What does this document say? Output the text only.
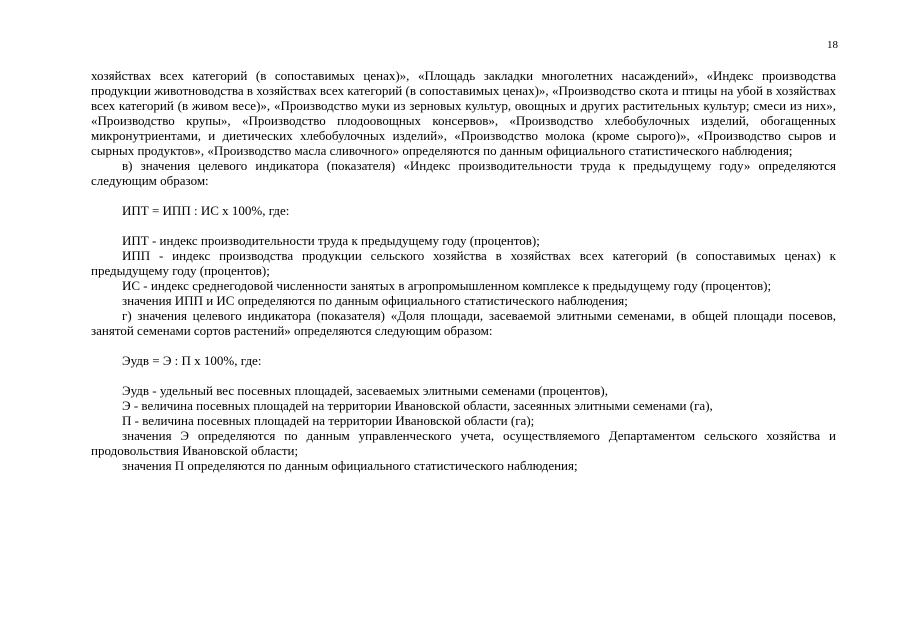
18

хозяйствах всех категорий (в сопоставимых ценах)», «Площадь закладки многолетних насаждений», «Индекс производства продукции животноводства в хозяйствах всех категорий (в сопоставимых ценах)», «Производство скота и птицы на убой в хозяйствах всех категорий (в живом весе)», «Производство муки из зерновых культур, овощных и других растительных культур; смеси из них», «Производство крупы», «Производство плодоовощных консервов», «Производство хлебобулочных изделий, обогащенных микронутриентами, и диетических хлебобулочных изделий», «Производство молока (кроме сырого)», «Производство сыров и сырных продуктов», «Производство масла сливочного» определяются по данным официального статистического наблюдения;

в) значения целевого индикатора (показателя) «Индекс производительности труда к предыдущему году» определяются следующим образом:

ИПТ = ИПП : ИС х 100%, где:

ИПТ - индекс производительности труда к предыдущему году (процентов);

ИПП - индекс производства продукции сельского хозяйства в хозяйствах всех категорий (в сопоставимых ценах) к предыдущему году (процентов);

ИС - индекс среднегодовой численности занятых в агропромышленном комплексе к предыдущему году (процентов);

значения ИПП и ИС определяются по данным официального статистического наблюдения;

г) значения целевого индикатора (показателя) «Доля площади, засеваемой элитными семенами, в общей площади посевов, занятой семенами сортов растений» определяются следующим образом:

Эудв = Э : П х 100%, где:

Эудв - удельный вес посевных площадей, засеваемых элитными семенами (процентов),

Э - величина посевных площадей на территории Ивановской области, засеянных элитными семенами (га),

П - величина посевных площадей на территории Ивановской области (га);

значения Э определяются по данным управленческого учета, осуществляемого Департаментом сельского хозяйства и продовольствия Ивановской области;

значения П определяются по данным официального статистического наблюдения;
